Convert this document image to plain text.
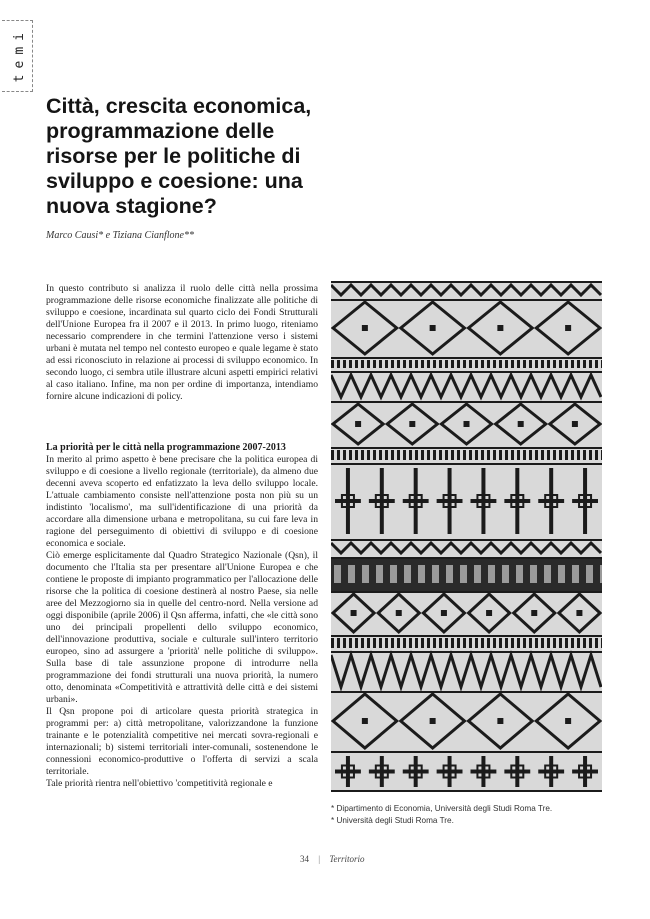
temi
Città, crescita economica, programmazione delle risorse per le politiche di sviluppo e coesione: una nuova stagione?
Marco Causi* e Tiziana Cianflone**

In questo contributo si analizza il ruolo delle città nella prossima programmazione delle risorse economiche finalizzate alle politiche di sviluppo e coesione, incardinata sul quarto ciclo dei Fondi Strutturali dell'Unione Europea fra il 2007 e il 2013. In primo luogo, riteniamo necessario comprendere in che termini l'attenzione verso i sistemi urbani è mutata nel tempo nel contesto europeo e quale legame è stato ad essi riconosciuto in relazione ai processi di sviluppo economico. In secondo luogo, ci sembra utile illustrare alcuni aspetti empirici relativi al caso italiano. Infine, ma non per ordine di importanza, intendiamo fornire alcune indicazioni di policy.

La priorità per le città nella programmazione 2007-2013

In merito al primo aspetto è bene precisare che la politica europea di sviluppo e di coesione a livello regionale (territoriale), da almeno due decenni aveva scoperto ed enfatizzato la leva dello sviluppo locale. L'attuale cambiamento consiste nell'attenzione posta non più su un indistinto 'localismo', ma sull'identificazione di una priorità da accordare alla dimensione urbana e metropolitana, su cui fare leva in ragione del perseguimento di obiettivi di sviluppo e di coesione economica e sociale.

Ciò emerge esplicitamente dal Quadro Strategico Nazionale (Qsn), il documento che l'Italia sta per presentare all'Unione Europea e che contiene le proposte di impianto programmatico per l'allocazione delle risorse che la politica di coesione destinerà al nostro Paese, sia nelle aree del Mezzogiorno sia in quelle del centro-nord. Nella versione ad oggi disponibile (aprile 2006) il Qsn afferma, infatti, che «le città sono uno dei principali propellenti dello sviluppo economico, dell'innovazione produttiva, sociale e culturale sull'intero territorio europeo, sino ad assurgere a 'priorità' nelle politiche di sviluppo». Sulla base di tale assunzione propone di introdurre nella programmazione dei fondi strutturali una nuova priorità, la numero otto, denominata «Competitività e attrattività delle città e dei sistemi urbani».

Il Qsn propone poi di articolare questa priorità strategica in programmi per: a) città metropolitane, valorizzandone la funzione trainante e le potenzialità competitive nei mercati sovra-regionali e internazionali; b) sistemi territoriali inter-comunali, sostenendone le connessioni economico-produttive o l'offerta di servizi a scala territoriale.

Tale priorità rientra nell'obiettivo 'competitività regionale e

* Dipartimento di Economia, Università degli Studi Roma Tre.
* Università degli Studi Roma Tre.
34 | Territorio
